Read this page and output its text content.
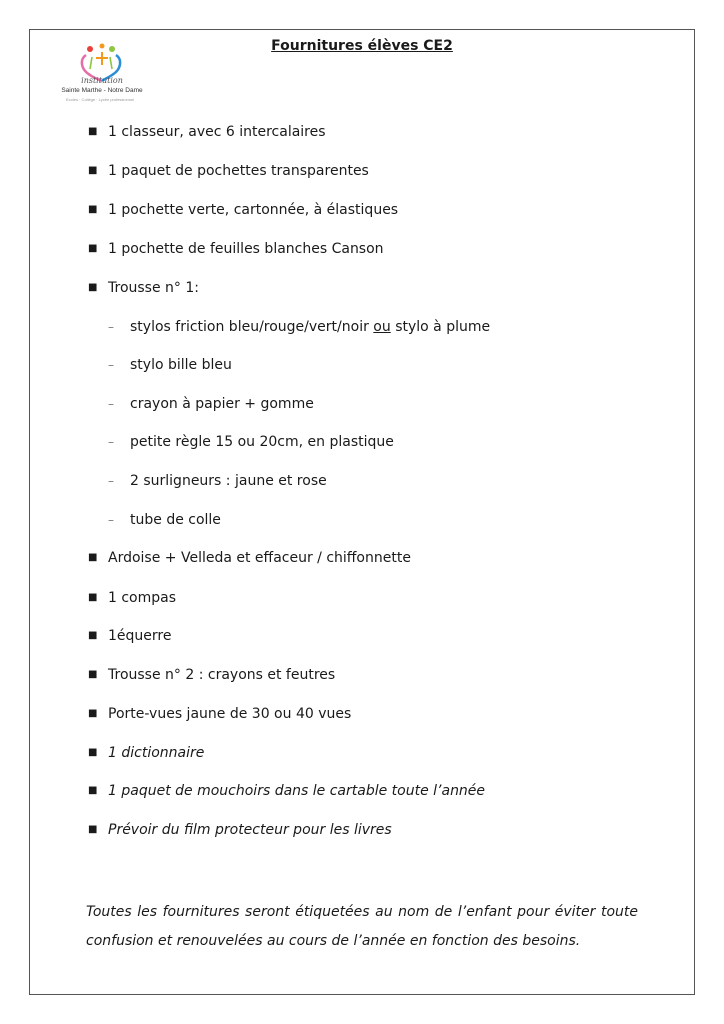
Fournitures élèves CE2
institution
Sainte Marthe - Notre Dame
Ecoles · Collège · Lycée professionnel
■ 1 classeur, avec 6 intercalaires
■ 1 paquet de pochettes transparentes
■ 1 pochette verte, cartonnée, à élastiques
■ 1 pochette de feuilles blanches Canson
■ Trousse n° 1:
– stylos friction bleu/rouge/vert/noir ou stylo à plume
– stylo bille bleu
– crayon à papier + gomme
– petite règle 15 ou 20cm, en plastique
– 2 surligneurs : jaune et rose
– tube de colle
■ Ardoise + Velleda et effaceur / chiffonnette
■ 1 compas
■ 1équerre
■ Trousse n° 2 : crayons et feutres
■ Porte-vues jaune de 30 ou 40 vues
■ 1 dictionnaire
■ 1 paquet de mouchoirs dans le cartable toute l’année
■ Prévoir du film protecteur pour les livres
Toutes les fournitures seront étiquetées au nom de l’enfant pour éviter toute confusion et renouvelées au cours de l’année en fonction des besoins.
